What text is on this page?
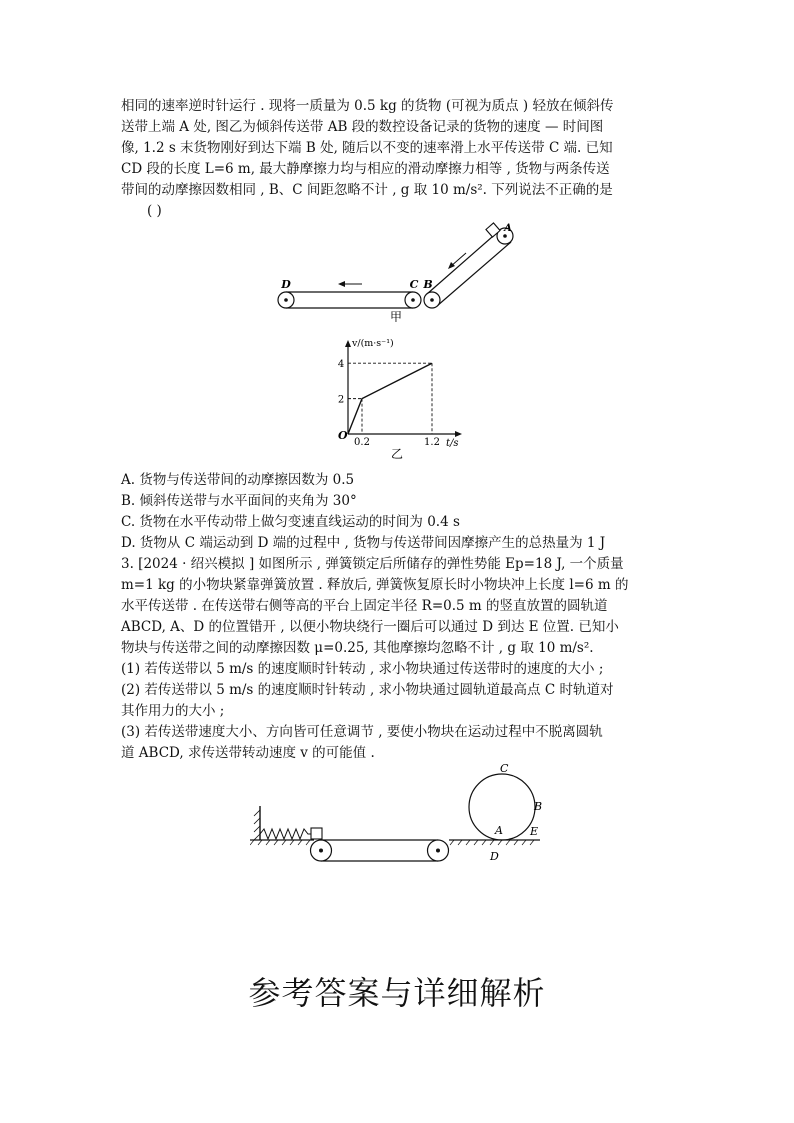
相同的速率逆时针运行 . 现将一质量为 0.5 kg 的货物 (可视为质点 ) 轻放在倾斜传

送带上端 A 处, 图乙为倾斜传送带 AB 段的数控设备记录的货物的速度 — 时间图

像, 1.2 s 末货物刚好到达下端 B 处, 随后以不变的速率滑上水平传送带 C 端. 已知

CD 段的长度 L=6 m, 最大静摩擦力均与相应的滑动摩擦力相等 , 货物与两条传送

带间的动摩擦因数相同 , B、C 间距忽略不计 , g 取 10 m/s². 下列说法不正确的是

( )

D	C B
A
甲
v/(m·s⁻¹)
t/s
O
0.2	1.2
2
4
乙

A. 货物与传送带间的动摩擦因数为 0.5

B. 倾斜传送带与水平面间的夹角为 30°

C. 货物在水平传动带上做匀变速直线运动的时间为 0.4 s

D. 货物从 C 端运动到 D 端的过程中 , 货物与传送带间因摩擦产生的总热量为 1 J

3. [2024 · 绍兴模拟 ] 如图所示 , 弹簧锁定后所储存的弹性势能 Ep=18 J, 一个质量

m=1 kg 的小物块紧靠弹簧放置 . 释放后, 弹簧恢复原长时小物块冲上长度 l=6 m 的

水平传送带 . 在传送带右侧等高的平台上固定半径 R=0.5 m 的竖直放置的圆轨道

ABCD, A、D 的位置错开 , 以便小物块绕行一圈后可以通过 D 到达 E 位置. 已知小

物块与传送带之间的动摩擦因数 μ=0.25, 其他摩擦均忽略不计 , g 取 10 m/s².

(1) 若传送带以 5 m/s 的速度顺时针转动 , 求小物块通过传送带时的速度的大小 ;

(2) 若传送带以 5 m/s 的速度顺时针转动 , 求小物块通过圆轨道最高点 C 时轨道对

其作用力的大小 ;

(3) 若传送带速度大小、方向皆可任意调节 , 要使小物块在运动过程中不脱离圆轨

道 ABCD, 求传送带转动速度 v 的可能值 .

C
B
A E
D
参考答案与详细解析
